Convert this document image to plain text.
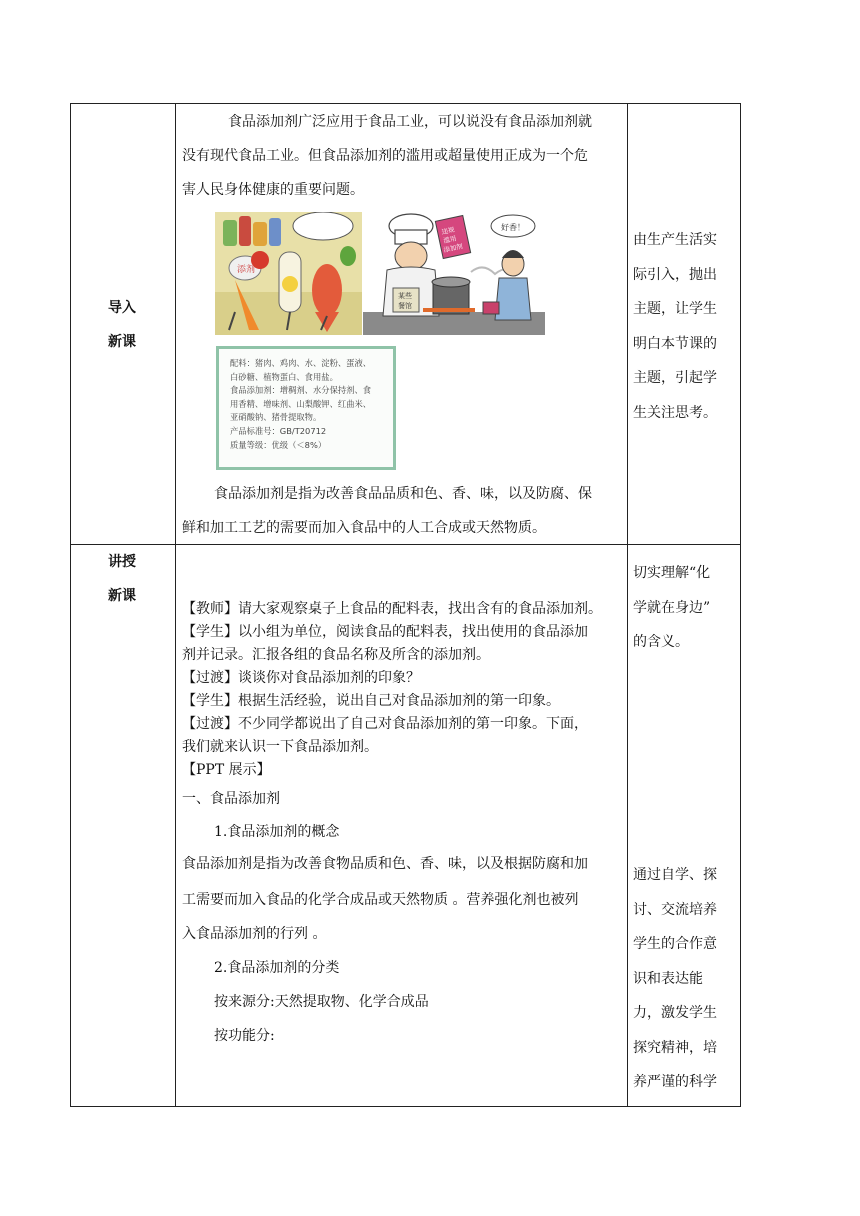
导入
新课
食品添加剂广泛应用于食品工业，可以说没有食品添加剂就
没有现代食品工业。但食品添加剂的滥用或超量使用正成为一个危
害人民身体健康的重要问题。
添剂
某些
餐馆
违规
滥用
添加剂
好香！
配料：猪肉、鸡肉、水、淀粉、蛋液、
白砂糖、植物蛋白、食用盐。
食品添加剂：增稠剂、水分保持剂、食
用香精、增味剂、山梨酸钾、红曲米、
亚硝酸钠、猪骨提取物。
产品标准号：GB/T20712
质量等级：优级（＜8%）
食品添加剂是指为改善食品品质和色、香、味，以及防腐、保
鲜和加工工艺的需要而加入食品中的人工合成或天然物质。
由生产生活实
际引入，抛出
主题，让学生
明白本节课的
主题，引起学
生关注思考。
讲授
新课
【教师】请大家观察桌子上食品的配料表，找出含有的食品添加剂。
【学生】以小组为单位，阅读食品的配料表，找出使用的食品添加
剂并记录。汇报各组的食品名称及所含的添加剂。
【过渡】谈谈你对食品添加剂的印象？
【学生】根据生活经验，说出自己对食品添加剂的第一印象。
【过渡】不少同学都说出了自己对食品添加剂的第一印象。下面，
我们就来认识一下食品添加剂。
【PPT 展示】
一、食品添加剂
1.食品添加剂的概念
食品添加剂是指为改善食物品质和色、香、味，以及根据防腐和加
工需要而加入食品的化学合成品或天然物质 。营养强化剂也被列
入食品添加剂的行列 。
2.食品添加剂的分类
按来源分:天然提取物、化学合成品
按功能分:
切实理解“化
学就在身边”
的含义。
通过自学、探
讨、交流培养
学生的合作意
识和表达能
力，激发学生
探究精神，培
养严谨的科学
